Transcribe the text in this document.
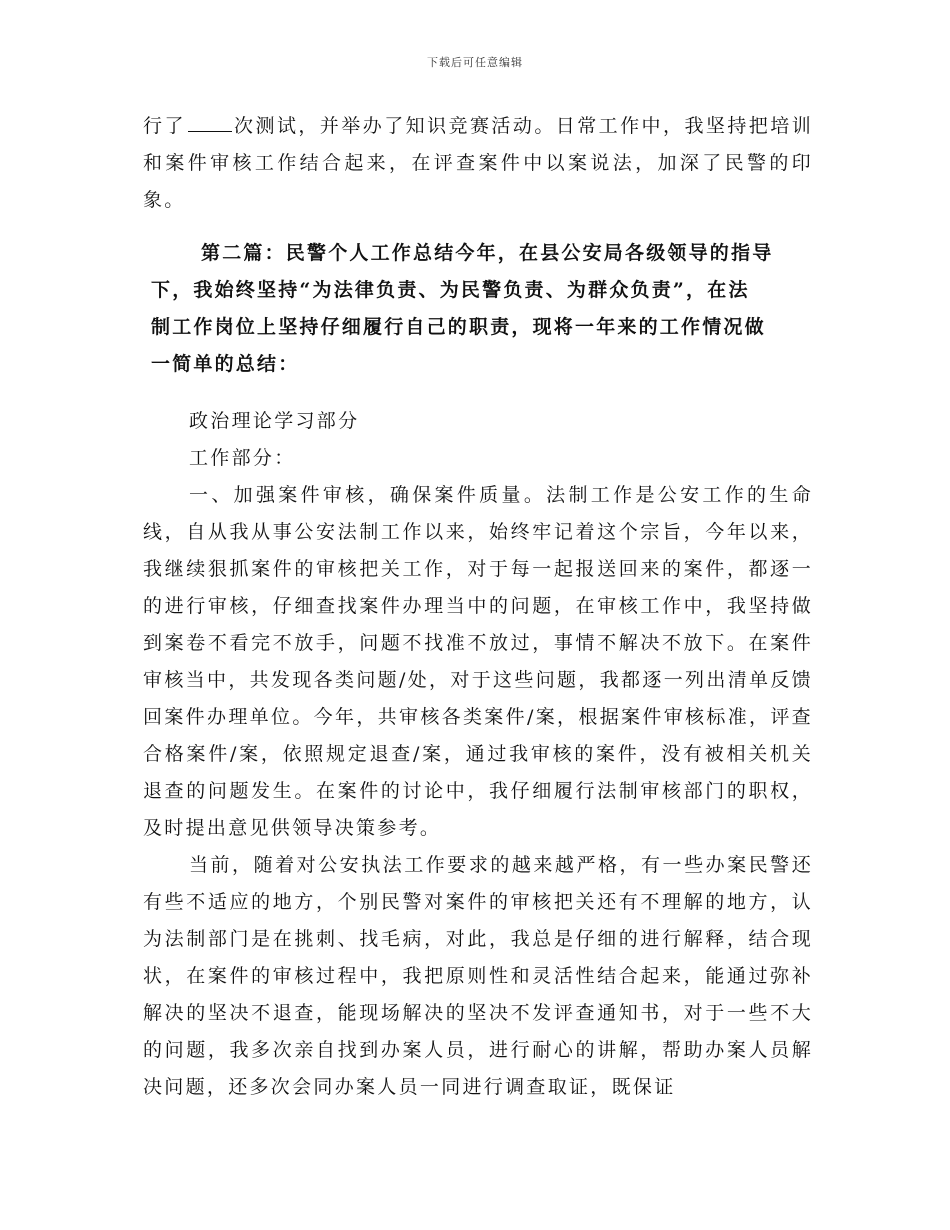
下载后可任意编辑

行了	次测试，并举办了知识竞赛活动。日常工作中，我坚持把培训和案件审核工作结合起来，在评查案件中以案说法，加深了民警的印象。

第二篇：民警个人工作总结今年，在县公安局各级领导的指导
下，我始终坚持“为法律负责、为民警负责、为群众负责”，在法
制工作岗位上坚持仔细履行自己的职责，现将一年来的工作情况做
一简单的总结：

政治理论学习部分

工作部分：

一、加强案件审核，确保案件质量。法制工作是公安工作的生命线，自从我从事公安法制工作以来，始终牢记着这个宗旨，今年以来，我继续狠抓案件的审核把关工作，对于每一起报送回来的案件，都逐一的进行审核，仔细查找案件办理当中的问题，在审核工作中，我坚持做到案卷不看完不放手，问题不找准不放过，事情不解决不放下。在案件审核当中，共发现各类问题/处，对于这些问题，我都逐一列出清单反馈回案件办理单位。今年，共审核各类案件/案，根据案件审核标准，评查合格案件/案，依照规定退查/案，通过我审核的案件，没有被相关机关退查的问题发生。在案件的讨论中，我仔细履行法制审核部门的职权，及时提出意见供领导决策参考。

当前，随着对公安执法工作要求的越来越严格，有一些办案民警还有些不适应的地方，个别民警对案件的审核把关还有不理解的地方，认为法制部门是在挑刺、找毛病，对此，我总是仔细的进行解释，结合现状，在案件的审核过程中，我把原则性和灵活性结合起来，能通过弥补解决的坚决不退查，能现场解决的坚决不发评查通知书，对于一些不大的问题，我多次亲自找到办案人员，进行耐心的讲解，帮助办案人员解决问题，还多次会同办案人员一同进行调查取证，既保证
